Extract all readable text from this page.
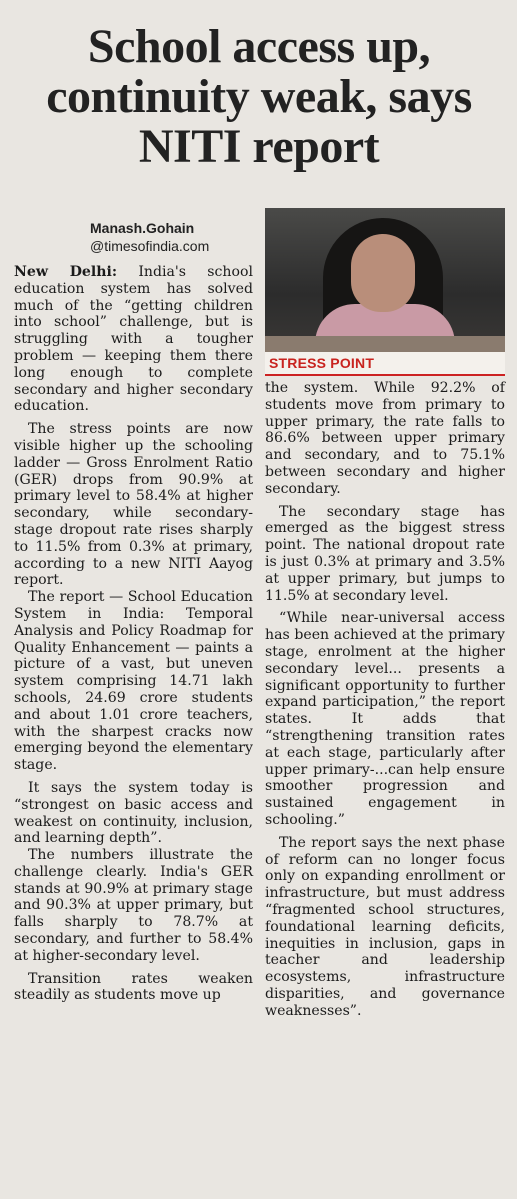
School access up, continuity weak, says NITI report
Manash.Gohain
@timesofindia.com
STRESS POINT

New Delhi: India's school education system has solved much of the “getting children into school” challenge, but is struggling with a tougher problem — keeping them there long enough to complete secondary and higher secondary education.

The stress points are now visible higher up the schooling ladder — Gross Enrolment Ratio (GER) drops from 90.9% at primary level to 58.4% at higher secondary, while secondary-stage dropout rate rises sharply to 11.5% from 0.3% at primary, according to a new NITI Aayog report.

The report — School Education System in India: Temporal Analysis and Policy Roadmap for Quality Enhancement — paints a picture of a vast, but uneven system comprising 14.71 lakh schools, 24.69 crore students and about 1.01 crore teachers, with the sharpest cracks now emerging beyond the elementary stage.

It says the system today is “strongest on basic access and weakest on continuity, inclusion, and learning depth”.

The numbers illustrate the challenge clearly. India's GER stands at 90.9% at primary stage and 90.3% at upper primary, but falls sharply to 78.7% at secondary, and further to 58.4% at higher-secondary level.

Transition rates weaken steadily as students move up

the system. While 92.2% of students move from primary to upper primary, the rate falls to 86.6% between upper primary and secondary, and to 75.1% between secondary and higher secondary.

The secondary stage has emerged as the biggest stress point. The national dropout rate is just 0.3% at primary and 3.5% at upper primary, but jumps to 11.5% at secondary level.

“While near-universal access has been achieved at the primary stage, enrolment at the higher secondary level... presents a significant opportunity to further expand participation,” the report states. It adds that “strengthening transition rates at each stage, particularly after upper primary-...can help ensure smoother progression and sustained engagement in schooling.”

The report says the next phase of reform can no longer focus only on expanding enrollment or infrastructure, but must address “fragmented school structures, foundational learning deficits, inequities in inclusion, gaps in teacher and leadership ecosystems, infrastructure disparities, and governance weaknesses”.
